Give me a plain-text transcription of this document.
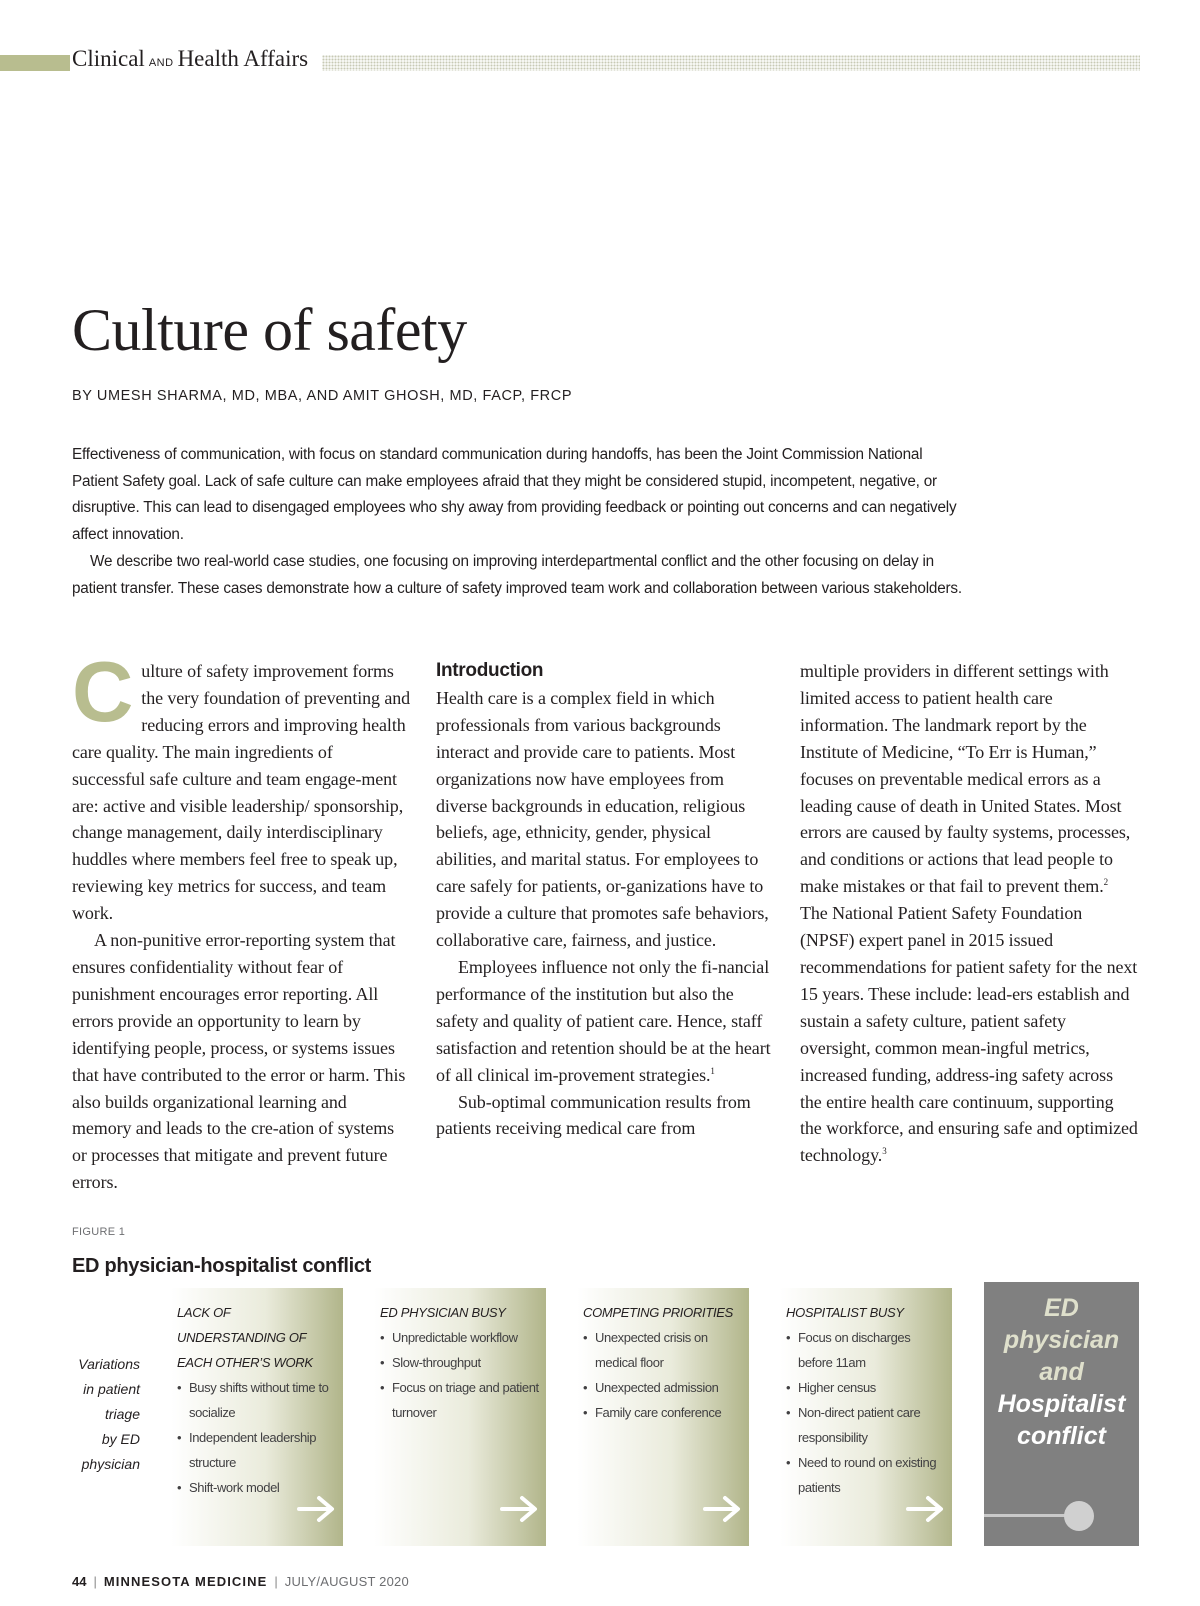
Clinical AND Health Affairs
Culture of safety
BY UMESH SHARMA, MD, MBA, AND AMIT GHOSH, MD, FACP, FRCP

Effectiveness of communication, with focus on standard communication during handoffs, has been the Joint Commission National Patient Safety goal. Lack of safe culture can make employees afraid that they might be considered stupid, incompetent, negative, or disruptive. This can lead to disengaged employees who shy away from providing feedback or pointing out concerns and can negatively affect innovation.

We describe two real-world case studies, one focusing on improving interdepartmental conflict and the other focusing on delay in patient transfer. These cases demonstrate how a culture of safety improved team work and collaboration between various stakeholders.

Culture of safety improvement forms the very foundation of preventing and reducing errors and improving health care quality. The main ingredients of successful safe culture and team engage-ment are: active and visible leadership/ sponsorship, change management, daily interdisciplinary huddles where members feel free to speak up, reviewing key metrics for success, and team work.

A non-punitive error-reporting system that ensures confidentiality without fear of punishment encourages error reporting. All errors provide an opportunity to learn by identifying people, process, or systems issues that have contributed to the error or harm. This also builds organizational learning and memory and leads to the cre-ation of systems or processes that mitigate and prevent future errors.

Introduction

Health care is a complex field in which professionals from various backgrounds interact and provide care to patients. Most organizations now have employees from diverse backgrounds in education, religious beliefs, age, ethnicity, gender, physical abilities, and marital status. For employees to care safely for patients, or-ganizations have to provide a culture that promotes safe behaviors, collaborative care, fairness, and justice.

Employees influence not only the fi-nancial performance of the institution but also the safety and quality of patient care. Hence, staff satisfaction and retention should be at the heart of all clinical im-provement strategies.$^1$

Sub-optimal communication results from patients receiving medical care from

multiple providers in different settings with limited access to patient health care information. The landmark report by the Institute of Medicine, “To Err is Human,” focuses on preventable medical errors as a leading cause of death in United States. Most errors are caused by faulty systems, processes, and conditions or actions that lead people to make mistakes or that fail to prevent them.$^2$ The National Patient Safety Foundation (NPSF) expert panel in 2015 issued recommendations for patient safety for the next 15 years. These include: lead-ers establish and sustain a safety culture, patient safety oversight, common mean-ingful metrics, increased funding, address-ing safety across the entire health care continuum, supporting the workforce, and ensuring safe and optimized technology.$^3$

FIGURE 1
ED physician-hospitalist conflict
Variations
in patient
triage
by ED
physician
LACK OF UNDERSTANDING OF EACH OTHER’S WORK
• Busy shifts without time to socialize
• Independent leadership structure
• Shift-work model
ED PHYSICIAN BUSY
• Unpredictable workflow
• Slow-throughput
• Focus on triage and patient turnover
COMPETING PRIORITIES
• Unexpected crisis on medical floor
• Unexpected admission
• Family care conference
HOSPITALIST BUSY
• Focus on discharges before 11am
• Higher census
• Non-direct patient care responsibility
• Need to round on existing patients
ED physician and
Hospitalist conflict
44 | MINNESOTA MEDICINE | JULY/AUGUST 2020
